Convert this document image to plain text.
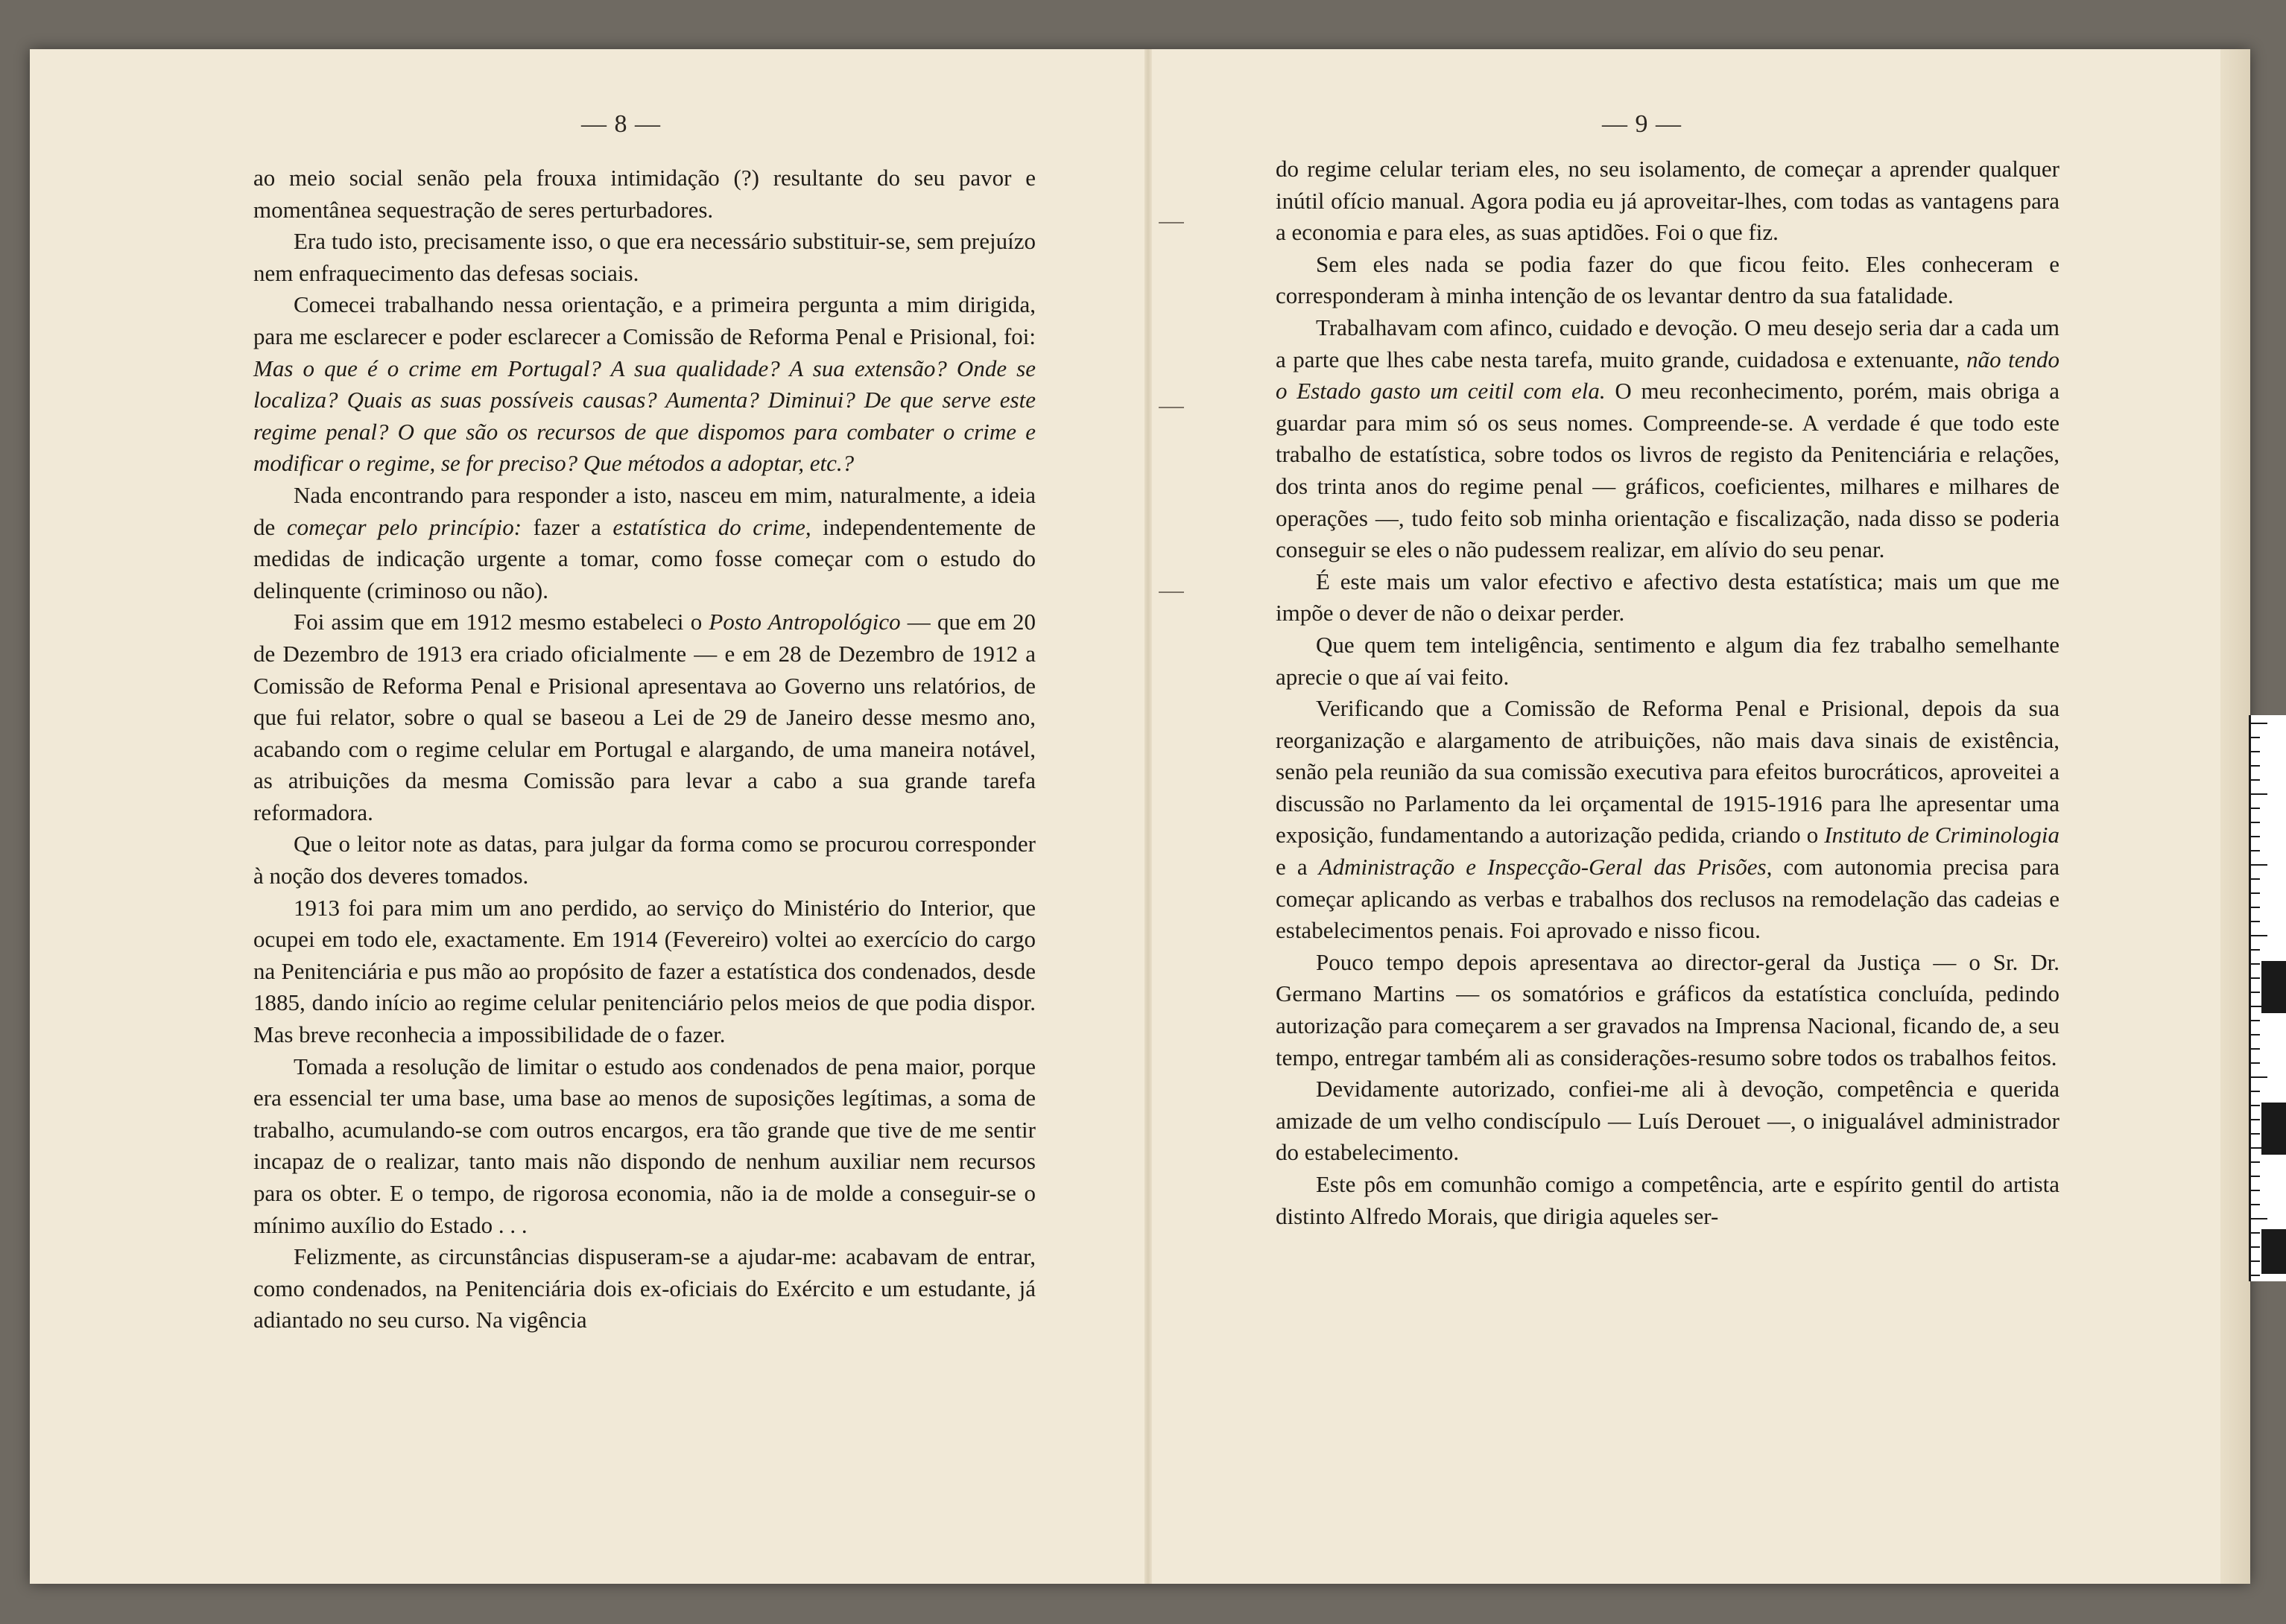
— 8 —	— 9 —

ao meio social senão pela frouxa intimidação (?) resultante do seu pavor e momentânea sequestração de seres perturbadores.

Era tudo isto, precisamente isso, o que era necessário substituir-se, sem prejuízo nem enfraquecimento das defesas sociais.

Comecei trabalhando nessa orientação, e a primeira pergunta a mim dirigida, para me esclarecer e poder esclarecer a Comissão de Reforma Penal e Prisional, foi: Mas o que é o crime em Portugal? A sua qualidade? A sua extensão? Onde se localiza? Quais as suas possíveis causas? Aumenta? Diminui? De que serve este regime penal? O que são os recursos de que dispomos para combater o crime e modificar o regime, se for preciso? Que métodos a adoptar, etc.?

Nada encontrando para responder a isto, nasceu em mim, naturalmente, a ideia de começar pelo princípio: fazer a estatística do crime, independentemente de medidas de indicação urgente a tomar, como fosse começar com o estudo do delinquente (criminoso ou não).

Foi assim que em 1912 mesmo estabeleci o Posto Antropológico — que em 20 de Dezembro de 1913 era criado oficialmente — e em 28 de Dezembro de 1912 a Comissão de Reforma Penal e Prisional apresentava ao Governo uns relatórios, de que fui relator, sobre o qual se baseou a Lei de 29 de Janeiro desse mesmo ano, acabando com o regime celular em Portugal e alargando, de uma maneira notável, as atribuições da mesma Comissão para levar a cabo a sua grande tarefa reformadora.

Que o leitor note as datas, para julgar da forma como se procurou corresponder à noção dos deveres tomados.

1913 foi para mim um ano perdido, ao serviço do Ministério do Interior, que ocupei em todo ele, exactamente. Em 1914 (Fevereiro) voltei ao exercício do cargo na Penitenciária e pus mão ao propósito de fazer a estatística dos condenados, desde 1885, dando início ao regime celular penitenciário pelos meios de que podia dispor. Mas breve reconhecia a impossibilidade de o fazer.

Tomada a resolução de limitar o estudo aos condenados de pena maior, porque era essencial ter uma base, uma base ao menos de suposições legítimas, a soma de trabalho, acumulando-se com outros encargos, era tão grande que tive de me sentir incapaz de o realizar, tanto mais não dispondo de nenhum auxiliar nem recursos para os obter. E o tempo, de rigorosa economia, não ia de molde a conseguir-se o mínimo auxílio do Estado . . .

Felizmente, as circunstâncias dispuseram-se a ajudar-me: acabavam de entrar, como condenados, na Penitenciária dois ex-oficiais do Exército e um estudante, já adiantado no seu curso. Na vigência

do regime celular teriam eles, no seu isolamento, de começar a aprender qualquer inútil ofício manual. Agora podia eu já aproveitar-lhes, com todas as vantagens para a economia e para eles, as suas aptidões. Foi o que fiz.

Sem eles nada se podia fazer do que ficou feito. Eles conheceram e corresponderam à minha intenção de os levantar dentro da sua fatalidade.

Trabalhavam com afinco, cuidado e devoção. O meu desejo seria dar a cada um a parte que lhes cabe nesta tarefa, muito grande, cuidadosa e extenuante, não tendo o Estado gasto um ceitil com ela. O meu reconhecimento, porém, mais obriga a guardar para mim só os seus nomes. Compreende-se. A verdade é que todo este trabalho de estatística, sobre todos os livros de registo da Penitenciária e relações, dos trinta anos do regime penal — gráficos, coeficientes, milhares e milhares de operações —, tudo feito sob minha orientação e fiscalização, nada disso se poderia conseguir se eles o não pudessem realizar, em alívio do seu penar.

É este mais um valor efectivo e afectivo desta estatística; mais um que me impõe o dever de não o deixar perder.

Que quem tem inteligência, sentimento e algum dia fez trabalho semelhante aprecie o que aí vai feito.

Verificando que a Comissão de Reforma Penal e Prisional, depois da sua reorganização e alargamento de atribuições, não mais dava sinais de existência, senão pela reunião da sua comissão executiva para efeitos burocráticos, aproveitei a discussão no Parlamento da lei orçamental de 1915-1916 para lhe apresentar uma exposição, fundamentando a autorização pedida, criando o Instituto de Criminologia e a Administração e Inspecção-Geral das Prisões, com autonomia precisa para começar aplicando as verbas e trabalhos dos reclusos na remodelação das cadeias e estabelecimentos penais. Foi aprovado e nisso ficou.

Pouco tempo depois apresentava ao director-geral da Justiça — o Sr. Dr. Germano Martins — os somatórios e gráficos da estatística concluída, pedindo autorização para começarem a ser gravados na Imprensa Nacional, ficando de, a seu tempo, entregar também ali as considerações-resumo sobre todos os trabalhos feitos.

Devidamente autorizado, confiei-me ali à devoção, competência e querida amizade de um velho condiscípulo — Luís Derouet —, o inigualável administrador do estabelecimento.

Este pôs em comunhão comigo a competência, arte e espírito gentil do artista distinto Alfredo Morais, que dirigia aqueles ser-
